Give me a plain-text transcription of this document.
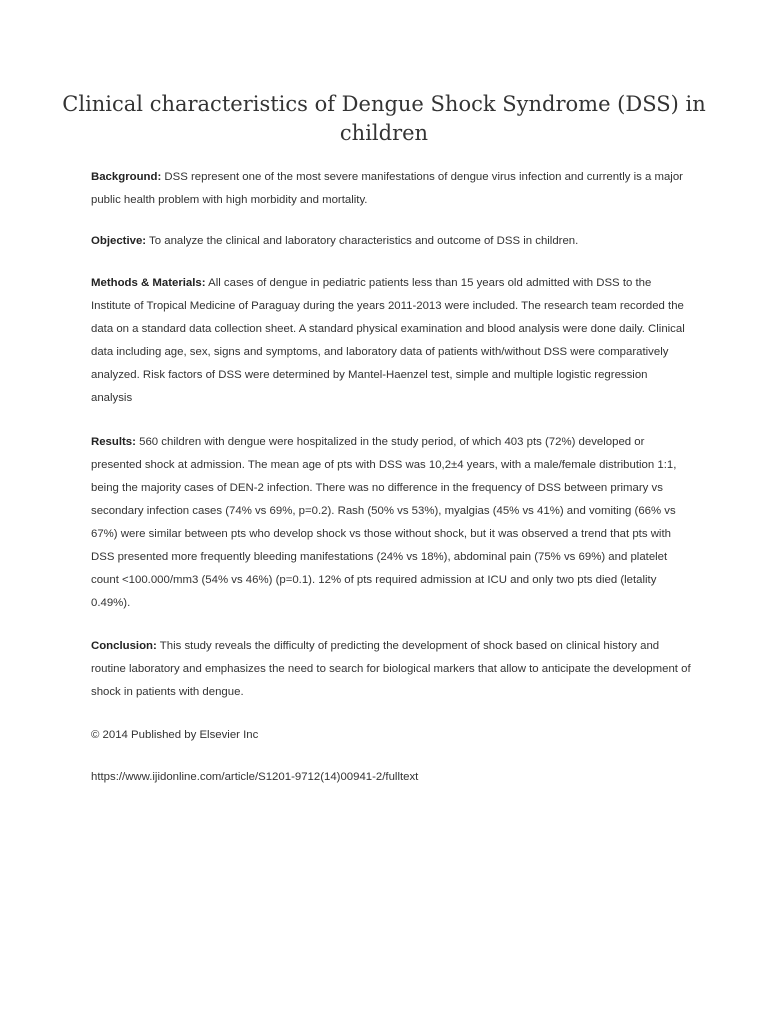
Clinical characteristics of Dengue Shock Syndrome (DSS) in children

Background: DSS represent one of the most severe manifestations of dengue virus infection and currently is a major public health problem with high morbidity and mortality.

Objective: To analyze the clinical and laboratory characteristics and outcome of DSS in children.

Methods & Materials: All cases of dengue in pediatric patients less than 15 years old admitted with DSS to the Institute of Tropical Medicine of Paraguay during the years 2011-2013 were included. The research team recorded the data on a standard data collection sheet. A standard physical examination and blood analysis were done daily. Clinical data including age, sex, signs and symptoms, and laboratory data of patients with/without DSS were comparatively analyzed. Risk factors of DSS were determined by Mantel-Haenzel test, simple and multiple logistic regression analysis

Results: 560 children with dengue were hospitalized in the study period, of which 403 pts (72%) developed or presented shock at admission. The mean age of pts with DSS was 10,2±4 years, with a male/female distribution 1:1, being the majority cases of DEN-2 infection. There was no difference in the frequency of DSS between primary vs secondary infection cases (74% vs 69%, p=0.2). Rash (50% vs 53%), myalgias (45% vs 41%) and vomiting (66% vs 67%) were similar between pts who develop shock vs those without shock, but it was observed a trend that pts with DSS presented more frequently bleeding manifestations (24% vs 18%), abdominal pain (75% vs 69%) and platelet count <100.000/mm3 (54% vs 46%) (p=0.1). 12% of pts required admission at ICU and only two pts died (letality 0.49%).

Conclusion: This study reveals the difficulty of predicting the development of shock based on clinical history and routine laboratory and emphasizes the need to search for biological markers that allow to anticipate the development of shock in patients with dengue.

© 2014 Published by Elsevier Inc

https://www.ijidonline.com/article/S1201-9712(14)00941-2/fulltext
